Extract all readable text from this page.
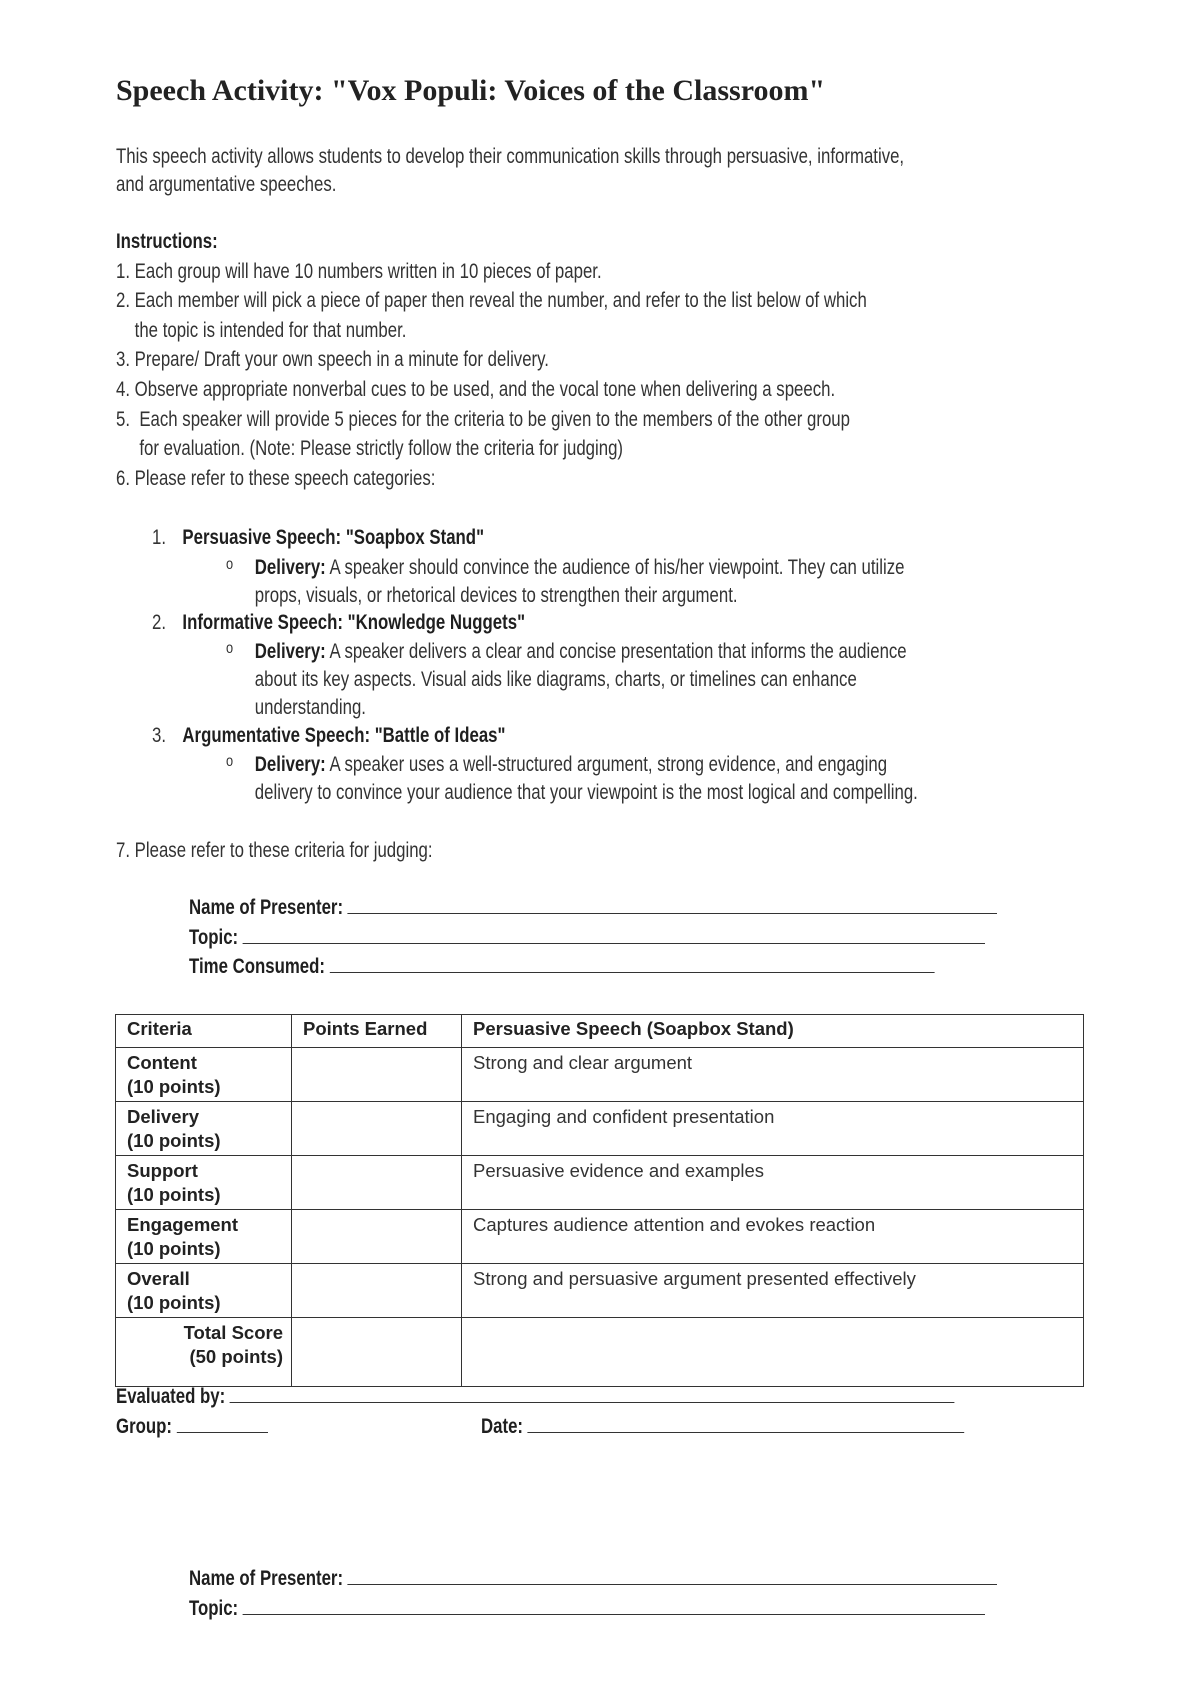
Speech Activity: "Vox Populi: Voices of the Classroom"
This speech activity allows students to develop their communication skills through persuasive, informative,
and argumentative speeches.
Instructions:
1. Each group will have 10 numbers written in 10 pieces of paper.
2. Each member will pick a piece of paper then reveal the number, and refer to the list below of which
the topic is intended for that number.
3. Prepare/ Draft your own speech in a minute for delivery.
4. Observe appropriate nonverbal cues to be used, and the vocal tone when delivering a speech.
5.  Each speaker will provide 5 pieces for the criteria to be given to the members of the other group
for evaluation. (Note: Please strictly follow the criteria for judging)
6. Please refer to these speech categories:
1. Persuasive Speech: "Soapbox Stand"
o Delivery: A speaker should convince the audience of his/her viewpoint. They can utilize
props, visuals, or rhetorical devices to strengthen their argument.
2. Informative Speech: "Knowledge Nuggets"
o Delivery: A speaker delivers a clear and concise presentation that informs the audience
about its key aspects. Visual aids like diagrams, charts, or timelines can enhance
understanding.
3. Argumentative Speech: "Battle of Ideas"
o Delivery: A speaker uses a well-structured argument, strong evidence, and engaging
delivery to convince your audience that your viewpoint is the most logical and compelling.
7. Please refer to these criteria for judging:
Name of Presenter:
Topic:
Time Consumed:
Criteria	Points Earned	Persuasive Speech (Soapbox Stand)

Content
(10 points)		Strong and clear argument

Delivery
(10 points)		Engaging and confident presentation

Support
(10 points)		Persuasive evidence and examples

Engagement
(10 points)		Captures audience attention and evokes reaction

Overall
(10 points)		Strong and persuasive argument presented effectively

Total Score
(50 points)		

Evaluated by:
Group:	Date:
Name of Presenter:
Topic:
